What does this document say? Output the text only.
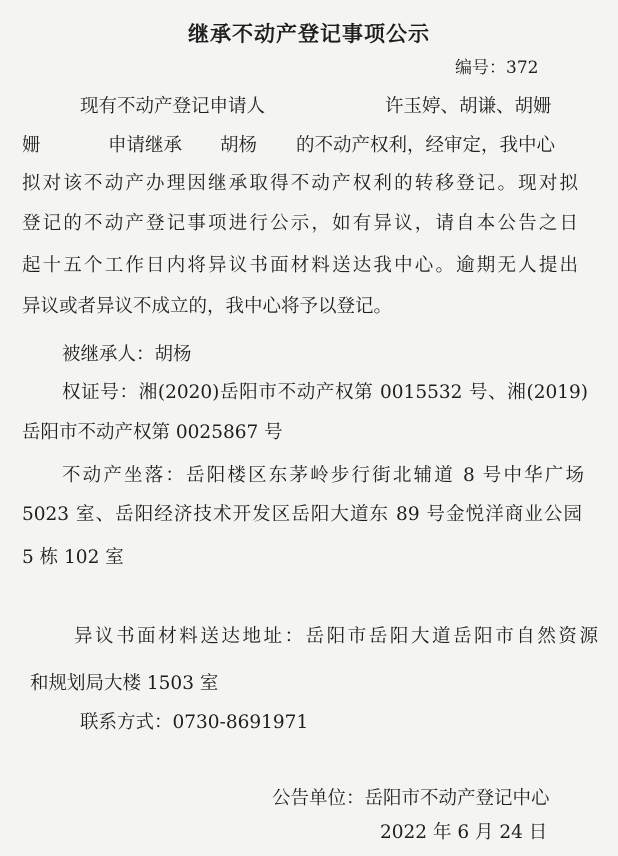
继承不动产登记事项公示
编号：372
现有不动产登记申请人	许玉婷、胡谦、胡姗
姗	申请继承 胡杨 的不动产权利，经审定，我中心
拟对该不动产办理因继承取得不动产权利的转移登记。现对拟
登记的不动产登记事项进行公示，如有异议，请自本公告之日
起十五个工作日内将异议书面材料送达我中心。逾期无人提出
异议或者异议不成立的，我中心将予以登记。
被继承人：胡杨
权证号：湘(2020)岳阳市不动产权第 0015532 号、湘(2019)
岳阳市不动产权第 0025867 号
不动产坐落：岳阳楼区东茅岭步行街北辅道 8 号中华广场
5023 室、岳阳经济技术开发区岳阳大道东 89 号金悦洋商业公园
5 栋 102 室
异议书面材料送达地址：岳阳市岳阳大道岳阳市自然资源
和规划局大楼 1503 室
联系方式：0730-8691971
公告单位：岳阳市不动产登记中心
2022 年 6 月 24 日
